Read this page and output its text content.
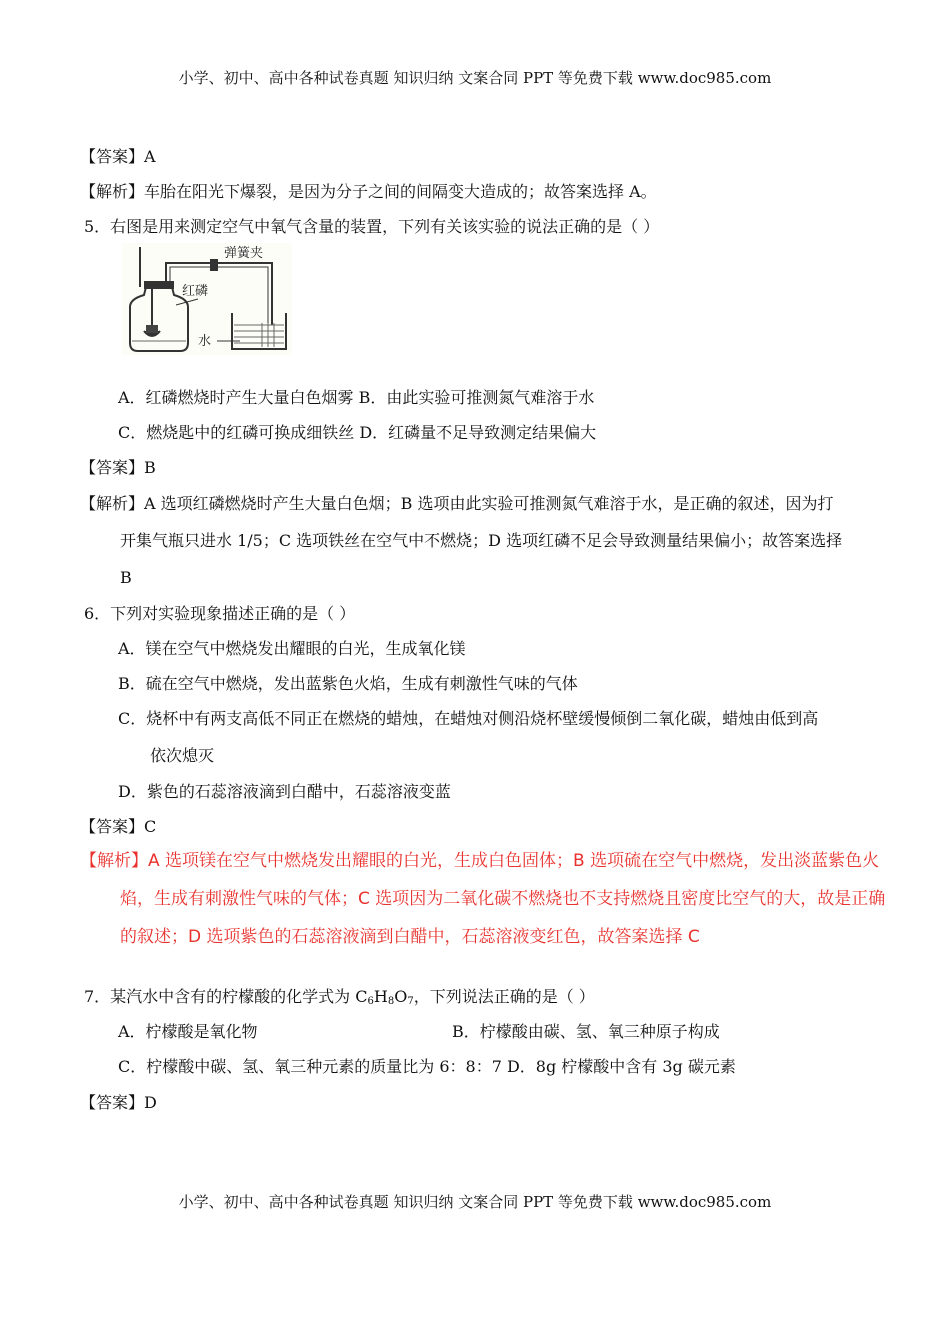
小学、初中、高中各种试卷真题 知识归纳 文案合同 PPT 等免费下载 www.doc985.com
【答案】A
【解析】车胎在阳光下爆裂，是因为分子之间的间隔变大造成的；故答案选择 A。
5．右图是用来测定空气中氧气含量的装置，下列有关该实验的说法正确的是（ ）
弹簧夹
红磷
水
A．红磷燃烧时产生大量白色烟雾 B．由此实验可推测氮气难溶于水
C．燃烧匙中的红磷可换成细铁丝 D．红磷量不足导致测定结果偏大
【答案】B
【解析】A 选项红磷燃烧时产生大量白色烟；B 选项由此实验可推测氮气难溶于水，是正确的叙述，因为打
开集气瓶只进水 1/5；C 选项铁丝在空气中不燃烧；D 选项红磷不足会导致测量结果偏小；故答案选择
B
6．下列对实验现象描述正确的是（ ）
A．镁在空气中燃烧发出耀眼的白光，生成氧化镁
B．硫在空气中燃烧，发出蓝紫色火焰，生成有刺激性气味的气体
C．烧杯中有两支高低不同正在燃烧的蜡烛，在蜡烛对侧沿烧杯壁缓慢倾倒二氧化碳，蜡烛由低到高
依次熄灭
D．紫色的石蕊溶液滴到白醋中，石蕊溶液变蓝
【答案】C
【解析】A 选项镁在空气中燃烧发出耀眼的白光，生成白色固体；B 选项硫在空气中燃烧，发出淡蓝紫色火
焰，生成有刺激性气味的气体；C 选项因为二氧化碳不燃烧也不支持燃烧且密度比空气的大，故是正确
的叙述；D 选项紫色的石蕊溶液滴到白醋中，石蕊溶液变红色，故答案选择 C
7．某汽水中含有的柠檬酸的化学式为 $C_6H_8O_7$，下列说法正确的是（ ）
A．柠檬酸是氧化物	B．柠檬酸由碳、氢、氧三种原子构成
C．柠檬酸中碳、氢、氧三种元素的质量比为 6：8：7 D．8g 柠檬酸中含有 3g 碳元素
【答案】D
小学、初中、高中各种试卷真题 知识归纳 文案合同 PPT 等免费下载 www.doc985.com
